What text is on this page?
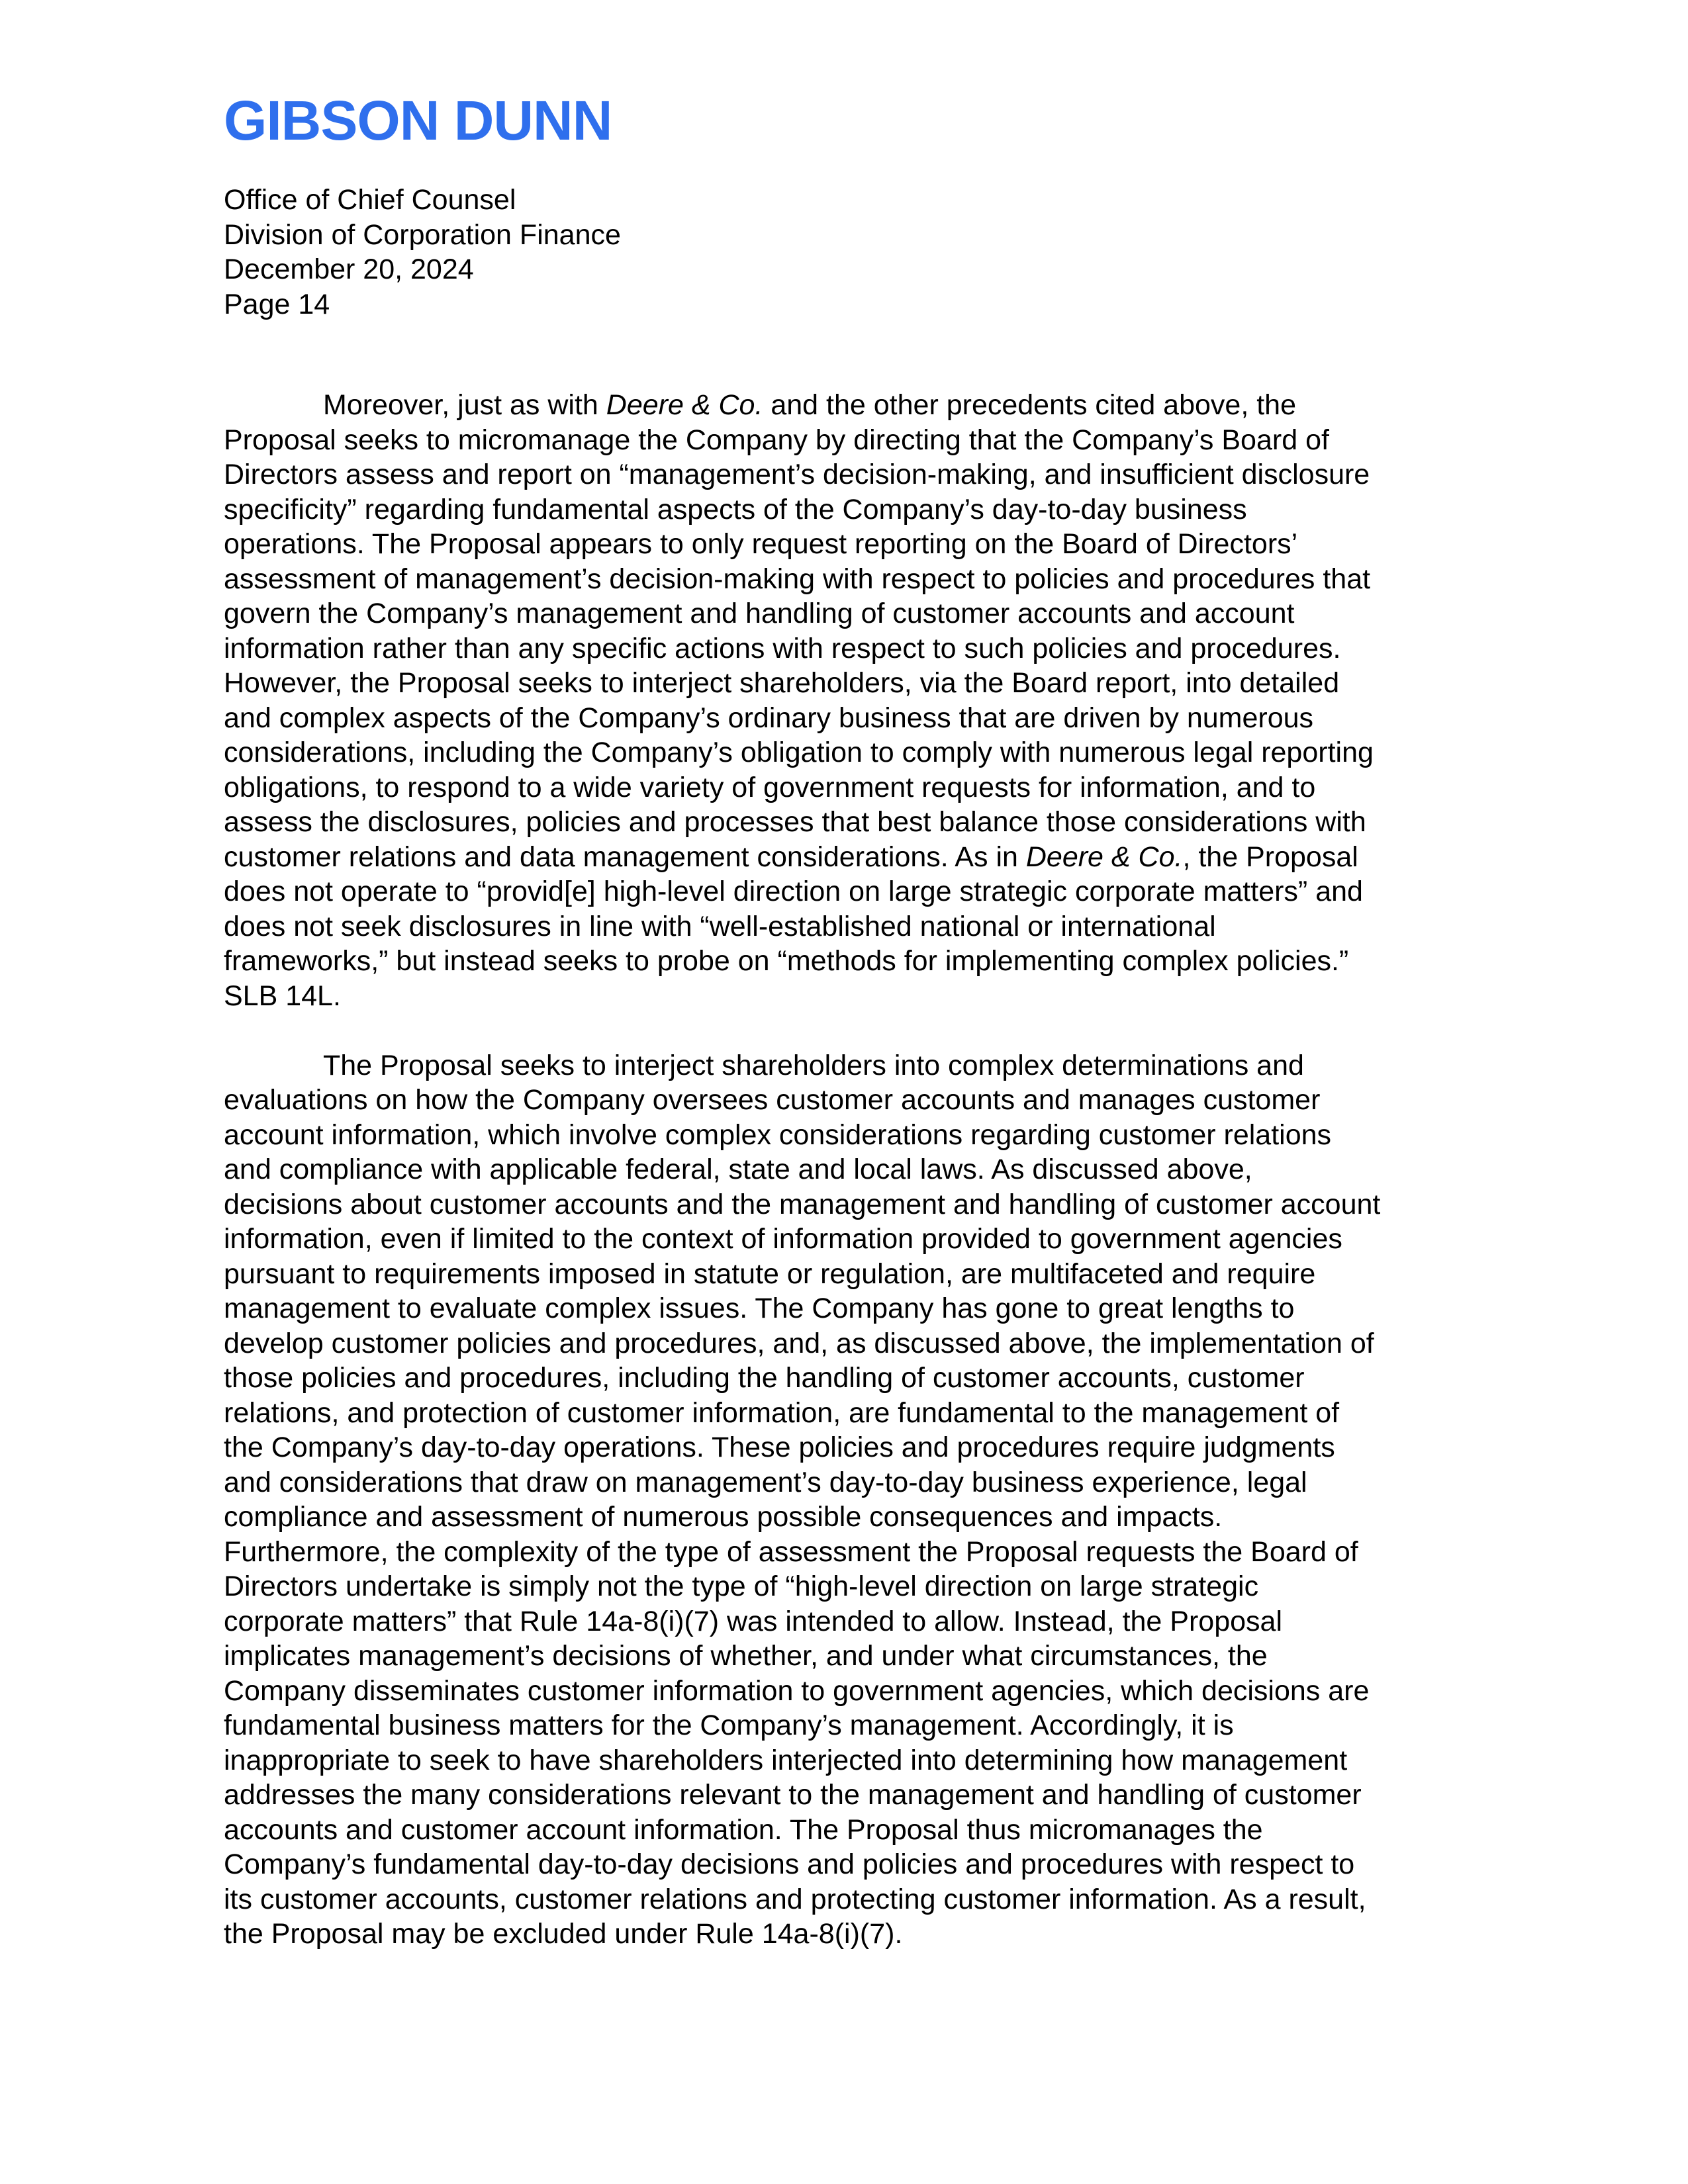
GIBSON DUNN
Office of Chief Counsel
Division of Corporation Finance
December 20, 2024
Page 14
Moreover, just as with Deere & Co. and the other precedents cited above, the
Proposal seeks to micromanage the Company by directing that the Company’s Board of
Directors assess and report on “management’s decision-making, and insufficient disclosure
specificity” regarding fundamental aspects of the Company’s day-to-day business
operations. The Proposal appears to only request reporting on the Board of Directors’
assessment of management’s decision-making with respect to policies and procedures that
govern the Company’s management and handling of customer accounts and account
information rather than any specific actions with respect to such policies and procedures.
However, the Proposal seeks to interject shareholders, via the Board report, into detailed
and complex aspects of the Company’s ordinary business that are driven by numerous
considerations, including the Company’s obligation to comply with numerous legal reporting
obligations, to respond to a wide variety of government requests for information, and to
assess the disclosures, policies and processes that best balance those considerations with
customer relations and data management considerations. As in Deere & Co., the Proposal
does not operate to “provid[e] high-level direction on large strategic corporate matters” and
does not seek disclosures in line with “well-established national or international
frameworks,” but instead seeks to probe on “methods for implementing complex policies.”
SLB 14L.
The Proposal seeks to interject shareholders into complex determinations and
evaluations on how the Company oversees customer accounts and manages customer
account information, which involve complex considerations regarding customer relations
and compliance with applicable federal, state and local laws. As discussed above,
decisions about customer accounts and the management and handling of customer account
information, even if limited to the context of information provided to government agencies
pursuant to requirements imposed in statute or regulation, are multifaceted and require
management to evaluate complex issues. The Company has gone to great lengths to
develop customer policies and procedures, and, as discussed above, the implementation of
those policies and procedures, including the handling of customer accounts, customer
relations, and protection of customer information, are fundamental to the management of
the Company’s day-to-day operations. These policies and procedures require judgments
and considerations that draw on management’s day-to-day business experience, legal
compliance and assessment of numerous possible consequences and impacts.
Furthermore, the complexity of the type of assessment the Proposal requests the Board of
Directors undertake is simply not the type of “high-level direction on large strategic
corporate matters” that Rule 14a-8(i)(7) was intended to allow. Instead, the Proposal
implicates management’s decisions of whether, and under what circumstances, the
Company disseminates customer information to government agencies, which decisions are
fundamental business matters for the Company’s management. Accordingly, it is
inappropriate to seek to have shareholders interjected into determining how management
addresses the many considerations relevant to the management and handling of customer
accounts and customer account information. The Proposal thus micromanages the
Company’s fundamental day-to-day decisions and policies and procedures with respect to
its customer accounts, customer relations and protecting customer information. As a result,
the Proposal may be excluded under Rule 14a-8(i)(7).
